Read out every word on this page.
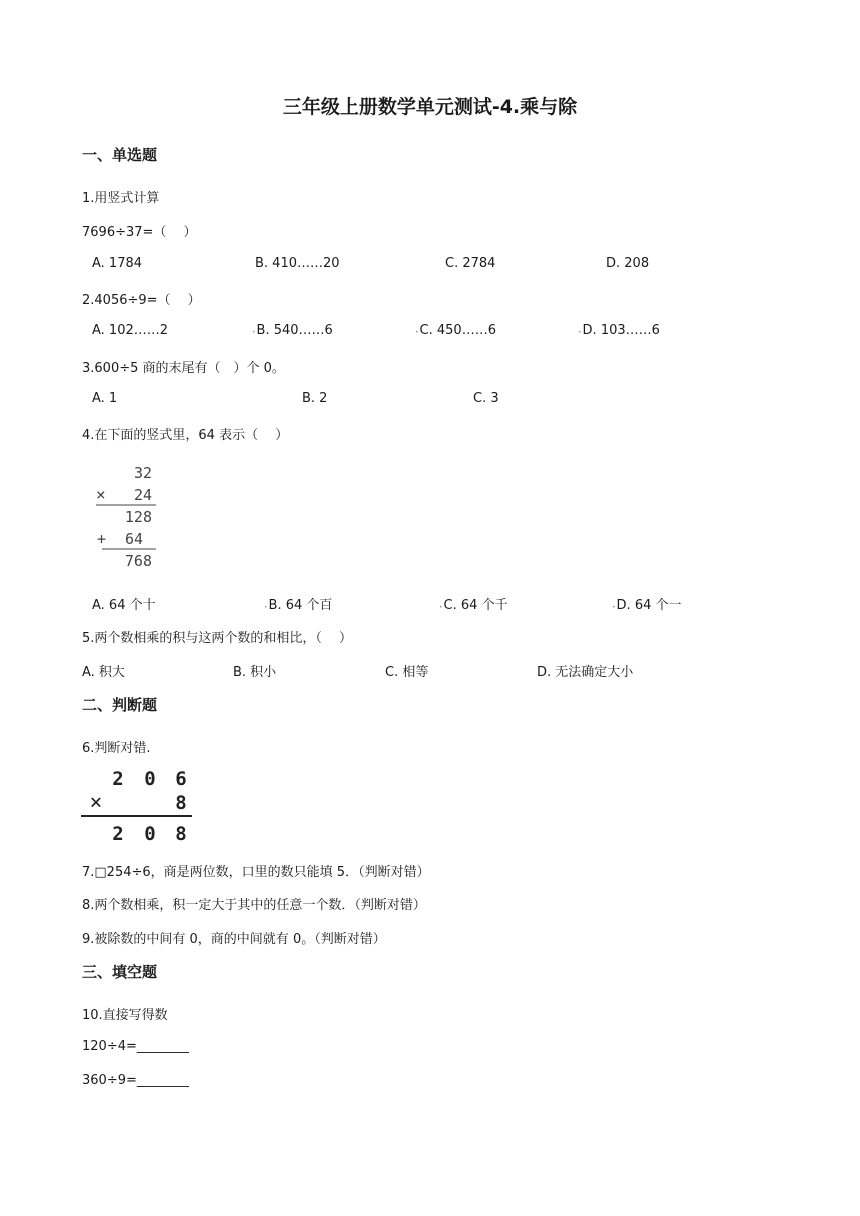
三年级上册数学单元测试-4.乘与除
一、单选题
1.用竖式计算
7696÷37=（　 ）
A. 1784	B. 410……20	C. 2784	D. 208
2.4056÷9=（　 ）
A. 102……2	•B. 540……6	•C. 450……6	•D. 103……6
3.600÷5 商的末尾有（　）个 0。
A. 1	B. 2	C. 3
4.在下面的竖式里，64 表示（　 ）
32
× 24
128
+ 64
768
A. 64 个十	•B. 64 个百	•C. 64 个千	•D. 64 个一
5.两个数相乘的积与这两个数的和相比，（　 ）
A. 积大	B. 积小	C. 相等	D. 无法确定大小
二、判断题
6.判断对错.
2 0 6
×	8
2 0 8
7.□254÷6，商是两位数，口里的数只能填 5．（判断对错）
8.两个数相乘，积一定大于其中的任意一个数．（判断对错）
9.被除数的中间有 0，商的中间就有 0。（判断对错）
三、填空题
10.直接写得数
120÷4=________
360÷9=________
